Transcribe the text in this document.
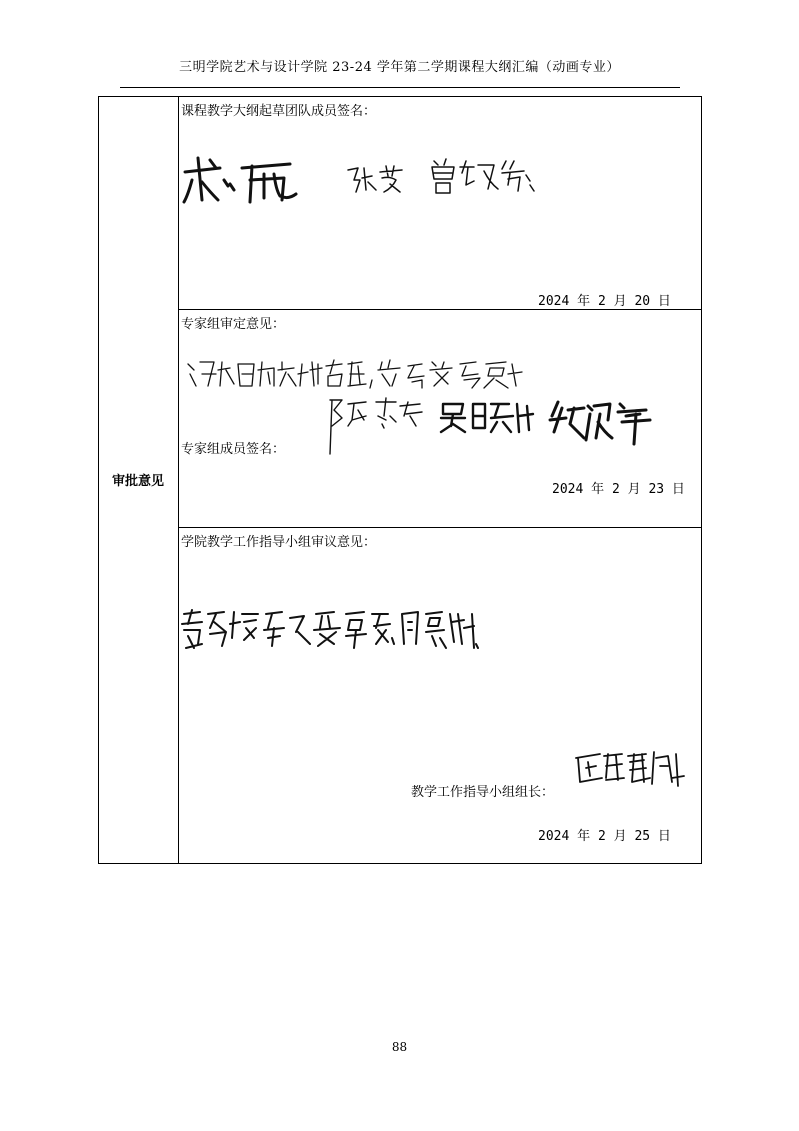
三明学院艺术与设计学院 23-24 学年第二学期课程大纲汇编（动画专业）
审批意见
课程教学大纲起草团队成员签名：
2024 年 2 月 20 日
专家组审定意见：
专家组成员签名：
2024 年 2 月 23 日
学院教学工作指导小组审议意见：
教学工作指导小组组长：
2024 年 2 月 25 日
88
